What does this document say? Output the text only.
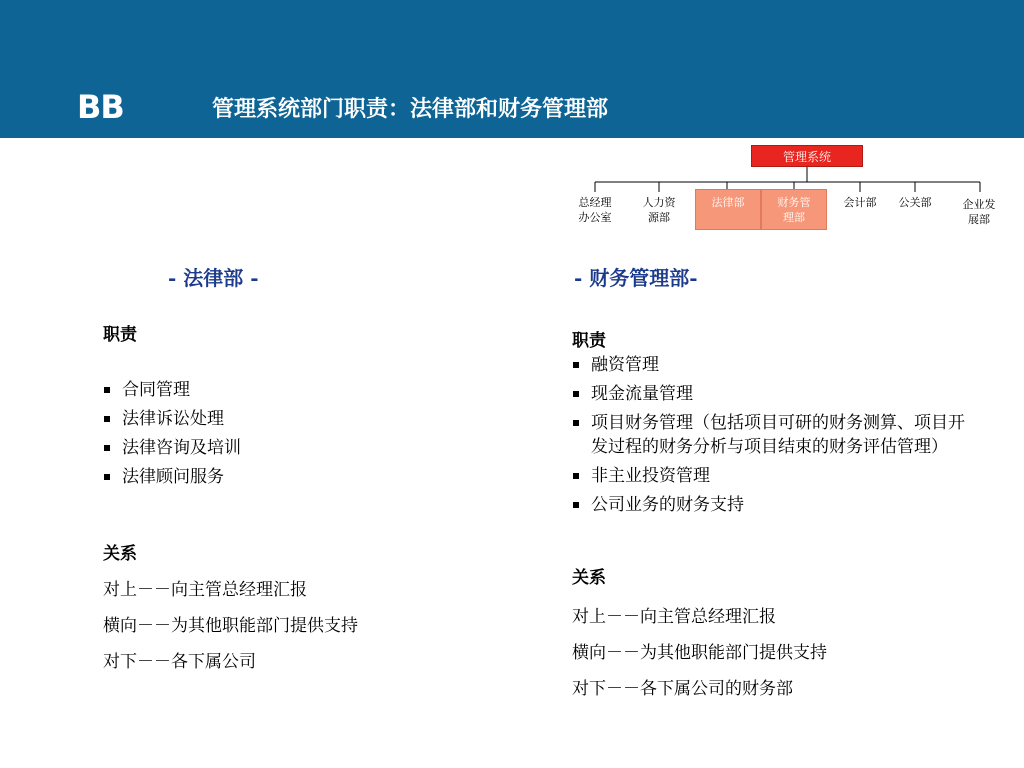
BB	管理系统部门职责：法律部和财务管理部
管理系统
总经理
办公室
人力资
源部
法律部	财务管
理部
会计部	公关部	企业发
展部
- 法律部 -
职责
合同管理
法律诉讼处理
法律咨询及培训
法律顾问服务
关系
对上－－向主管总经理汇报
横向－－为其他职能部门提供支持
对下－－各下属公司
- 财务管理部-
职责
融资管理
现金流量管理
项目财务管理（包括项目可研的财务测算、项目开发过程的财务分析与项目结束的财务评估管理）
非主业投资管理
公司业务的财务支持
关系
对上－－向主管总经理汇报
横向－－为其他职能部门提供支持
对下－－各下属公司的财务部
